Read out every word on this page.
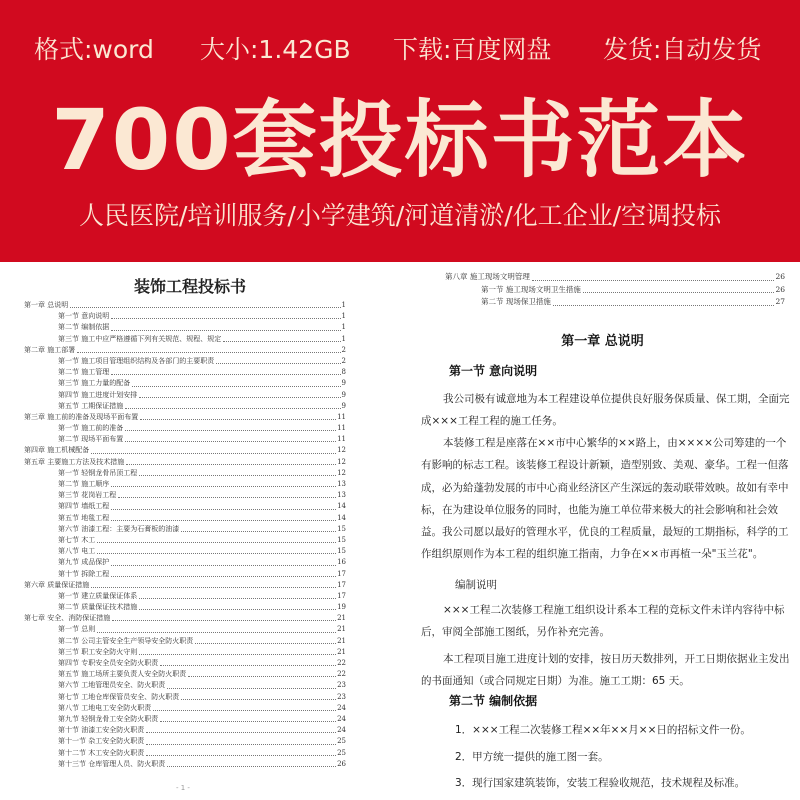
格式:word 大小:1.42GB 下载:百度网盘 发货:自动发货
700套投标书范本
人民医院/培训服务/小学建筑/河道清淤/化工企业/空调投标
装饰工程投标书
第一章 总说明	1
第一节 意向说明	1
第二节 编制依据	1
第三节 施工中应严格遵循下列有关规范、规程、规定	1
第二章 施工部署	2
第一节 施工项目管理组织结构及各部门的主要职责	2
第二节 施工管理	8
第三节 施工力量的配备	9
第四节 施工进度计划安排	9
第五节 工期保证措施	9
第三章 施工前的准备及现场平面布置	11
第一节 施工前的准备	11
第二节 现场平面布置	11
第四章 施工机械配备	12
第五章 主要施工方法及技术措施	12
第一节 轻钢龙骨吊顶工程	12
第二节 施工顺序	13
第三节 花岗岩工程	13
第四节 墙纸工程	14
第五节 地毯工程	14
第六节 油漆工程：主要为石膏板的油漆	15
第七节 木工	15
第八节 电工	15
第九节 成品保护	16
第十节 拆除工程	17
第六章 质量保证措施	17
第一节 建立质量保证体系	17
第二节 质量保证技术措施	19
第七章 安全、消防保证措施	21
第一节 总则	21
第二节 公司主管安全生产领导安全防火职责	21
第三节 职工安全防火守则	21
第四节 专职安全员安全防火职责	22
第五节 施工场所主要负责人安全防火职责	22
第六节 工地管理员安全、防火职责	23
第七节 工地仓库保管员安全、防火职责	23
第八节 工地电工安全防火职责	24
第九节 轻钢龙骨工安全防火职责	24
第十节 油漆工安全防火职责	24
第十一节 杂工安全防火职责	25
第十二节 木工安全防火职责	25
第十三节 仓库管理人员、防火职责	26
- 1 -
第八章 施工现场文明管理	26
第一节 施工现场文明卫生措施	26
第二节 现场保卫措施	27
第一章 总说明
第一节 意向说明
我公司极有诚意地为本工程建设单位提供良好服务保质量、保工期，全面完成×××工程工程的施工任务。
本装修工程是座落在××市中心繁华的××路上，由××××公司筹建的一个有影响的标志工程。该装修工程设计新颖，造型别致、美观、豪华。工程一但落成，必为給蓬勃发展的市中心商业经济区产生深远的轰动联带效映。故如有幸中标，在为建设单位服务的同时，也能为施工单位带来极大的社会影响和社会效益。我公司愿以最好的管理水平，优良的工程质量，最短的工期指标，科学的工作组织原则作为本工程的组织施工指南，力争在××市再植一朵"玉兰花"。
编制说明
×××工程二次装修工程施工组织设计系本工程的竞标文件未详内容待中标后，审阅全部施工图纸，另作补充完善。
本工程项目施工进度计划的安排，按日历天数排列，开工日期依据业主发出的书面通知（或合同规定日期）为准。施工工期：65 天。
第二节 编制依据
1．×××工程二次装修工程××年××月××日的招标文件一份。
2．甲方统一提供的施工图一套。
3．现行国家建筑装饰，安装工程验收规范，技术规程及标准。
